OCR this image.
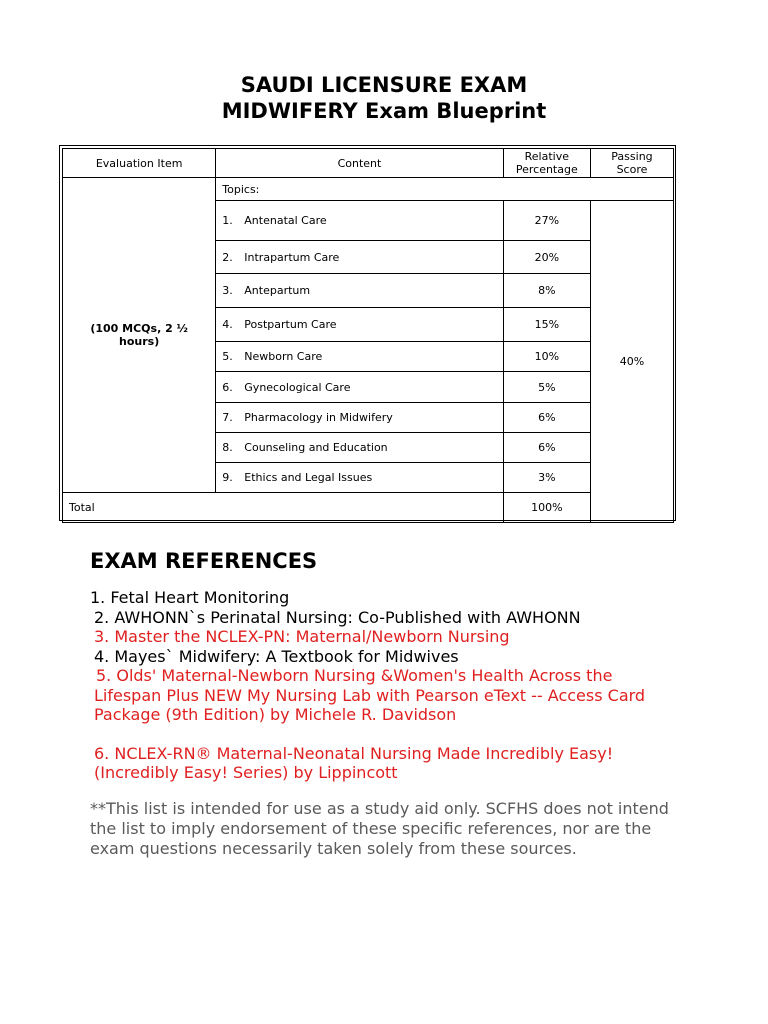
SAUDI LICENSURE EXAM
MIDWIFERY Exam Blueprint
Evaluation Item	Content	Relative Percentage	Passing Score
(100 MCQs, 2 ½ hours)	Topics:		
	1. Antenatal Care	27%	40%
	2. Intrapartum Care	20%	
	3. Antepartum	8%	
	4. Postpartum Care	15%	
	5. Newborn Care	10%	
	6. Gynecological Care	5%	
	7. Pharmacology in Midwifery	6%	
	8. Counseling and Education	6%	
	9. Ethics and Legal Issues	3%	
Total		100%	
EXAM REFERENCES
1. Fetal Heart Monitoring
2. AWHONN`s Perinatal Nursing: Co-Published with AWHONN
3. Master the NCLEX-PN: Maternal/Newborn Nursing
4. Mayes` Midwifery: A Textbook for Midwives
5. Olds' Maternal-Newborn Nursing &Women's Health Across the Lifespan Plus NEW My Nursing Lab with Pearson eText -- Access Card Package (9th Edition) by Michele R. Davidson
6. NCLEX-RN® Maternal-Neonatal Nursing Made Incredibly Easy! (Incredibly Easy! Series) by Lippincott
**This list is intended for use as a study aid only. SCFHS does not intend the list to imply endorsement of these specific references, nor are the exam questions necessarily taken solely from these sources.
